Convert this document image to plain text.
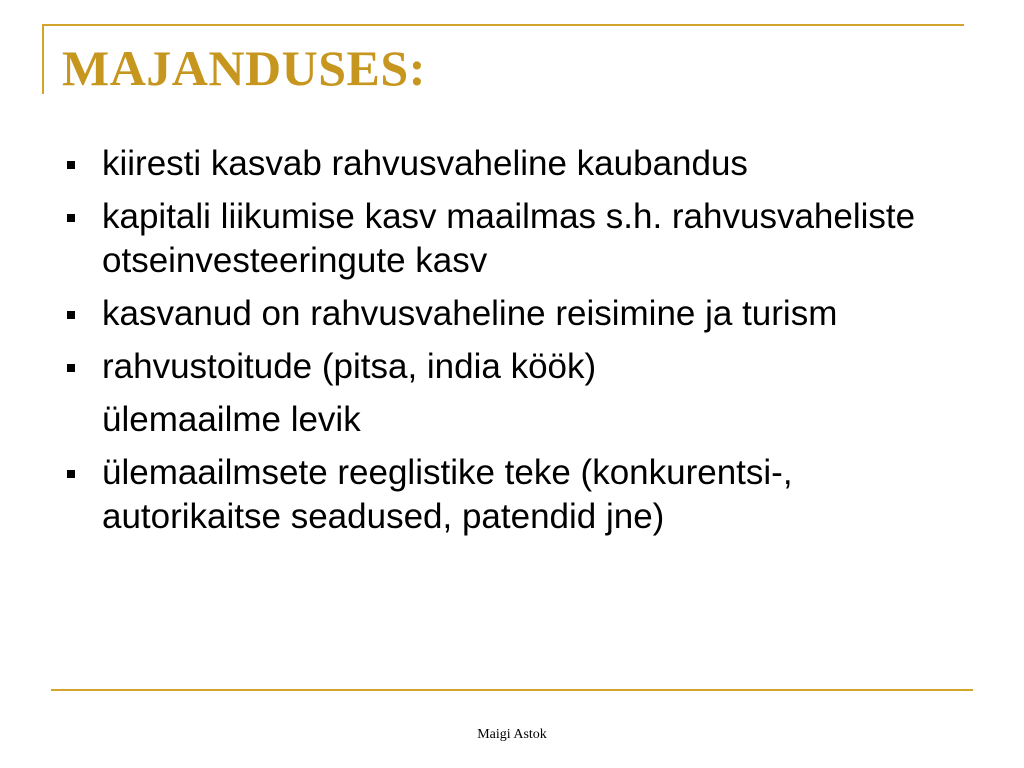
MAJANDUSES:
kiiresti kasvab rahvusvaheline kaubandus
kapitali liikumise kasv maailmas s.h. rahvusvaheliste otseinvesteeringute kasv
kasvanud on rahvusvaheline reisimine ja turism
rahvustoitude (pitsa, india köök)
ülemaailme levik
ülemaailmsete reeglistike teke (konkurentsi-, autorikaitse seadused, patendid jne)
Maigi Astok
